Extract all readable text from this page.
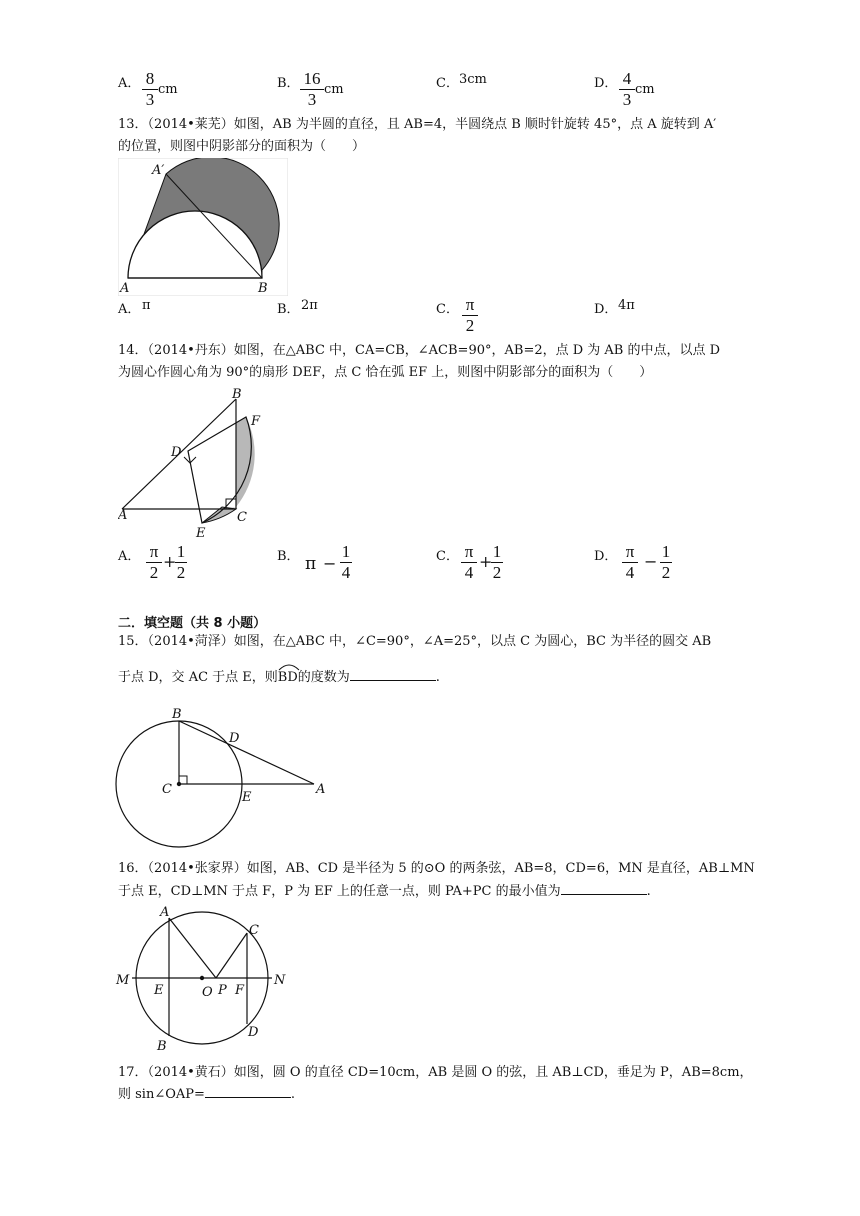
A． 8
3
cm	B． 16
3
cm	C． 3cm	D． 4
3
cm
13．（2014•莱芜）如图，AB 为半圆的直径，且 AB=4，半圆绕点 B 顺时针旋转 45°，点 A 旋转到 A′
的位置，则图中阴影部分的面积为（　　）
A′
A	B
A． π	B． 2π	C． π
2
D． 4π
14．（2014•丹东）如图，在△ABC 中，CA=CB，∠ACB=90°，AB=2，点 D 为 AB 的中点，以点 D
为圆心作圆心角为 90°的扇形 DEF，点 C 恰在弧 EF 上，则图中阴影部分的面积为（　　）
B
F
D
A	C
E
A． π
2
+
1
2
B． π −
1
4
C． π
4
+
1
2
D． π
4
−
1
2
二．填空题（共 8 小题）
15．（2014•菏泽）如图，在△ABC 中，∠C=90°，∠A=25°，以点 C 为圆心，BC 为半径的圆交 AB
于点 D，交 AC 于点 E，则
BD的度数为	.
B
D
C
E
A
16．（2014•张家界）如图，AB、CD 是半径为 5 的⊙O 的两条弦，AB=8，CD=6，MN 是直径，AB⊥MN
于点 E，CD⊥MN 于点 F，P 为 EF 上的任意一点，则 PA+PC 的最小值为	.
A
C
M
E	O P F
N
B
D
17．（2014•黄石）如图，圆 O 的直径 CD=10cm，AB 是圆 O 的弦，且 AB⊥CD，垂足为 P，AB=8cm，
则 sin∠OAP=	.
